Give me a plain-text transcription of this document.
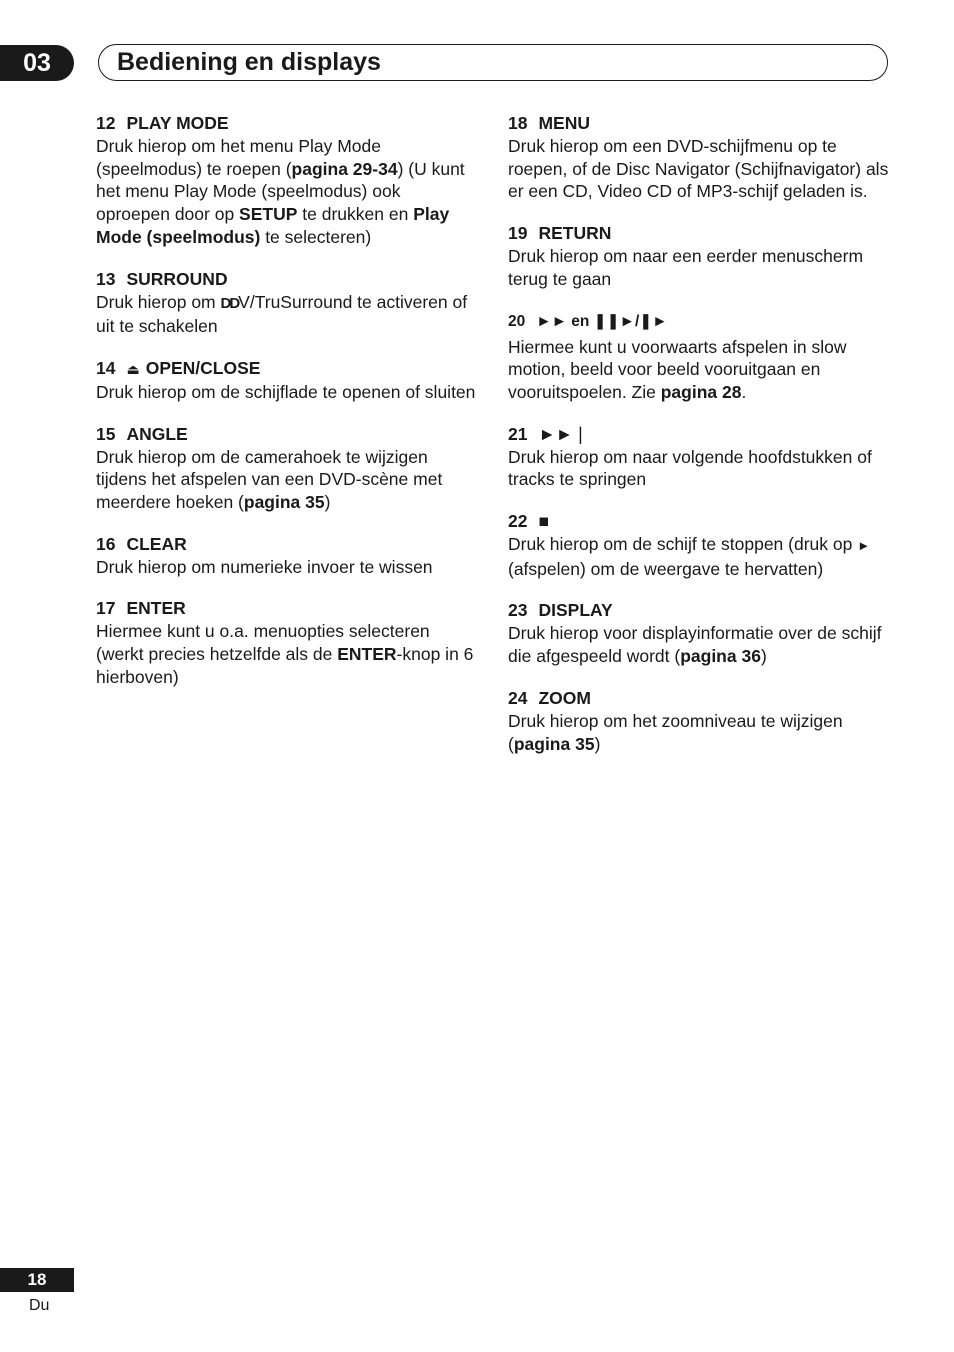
03	Bediening en displays
12 PLAY MODE
Druk hierop om het menu Play Mode (speelmodus) te roepen (pagina 29-34) (U kunt het menu Play Mode (speelmodus) ook oproepen door op SETUP te drukken en Play Mode (speelmodus) te selecteren)
13 SURROUND
Druk hierop om DDV/TruSurround te activeren of uit te schakelen
14 ⏏ OPEN/CLOSE
Druk hierop om de schijflade te openen of sluiten
15 ANGLE
Druk hierop om de camerahoek te wijzigen tijdens het afspelen van een DVD-scène met meerdere hoeken (pagina 35)
16 CLEAR
Druk hierop om numerieke invoer te wissen
17 ENTER
Hiermee kunt u o.a. menuopties selecteren (werkt precies hetzelfde als de ENTER-knop in 6 hierboven)
18 MENU
Druk hierop om een DVD-schijfmenu op te roepen, of de Disc Navigator (Schijfnavigator) als er een CD, Video CD of MP3-schijf geladen is.
19 RETURN
Druk hierop om naar een eerder menuscherm terug te gaan
20 ►► en ❚❚►/❚►
Hiermee kunt u voorwaarts afspelen in slow motion, beeld voor beeld vooruitgaan en vooruitspoelen. Zie pagina 28.
21 ►►❘
Druk hierop om naar volgende hoofdstukken of tracks te springen
22 ■
Druk hierop om de schijf te stoppen (druk op ► (afspelen) om de weergave te hervatten)
23 DISPLAY
Druk hierop voor displayinformatie over de schijf die afgespeeld wordt (pagina 36)
24 ZOOM
Druk hierop om het zoomniveau te wijzigen (pagina 35)
18
Du
